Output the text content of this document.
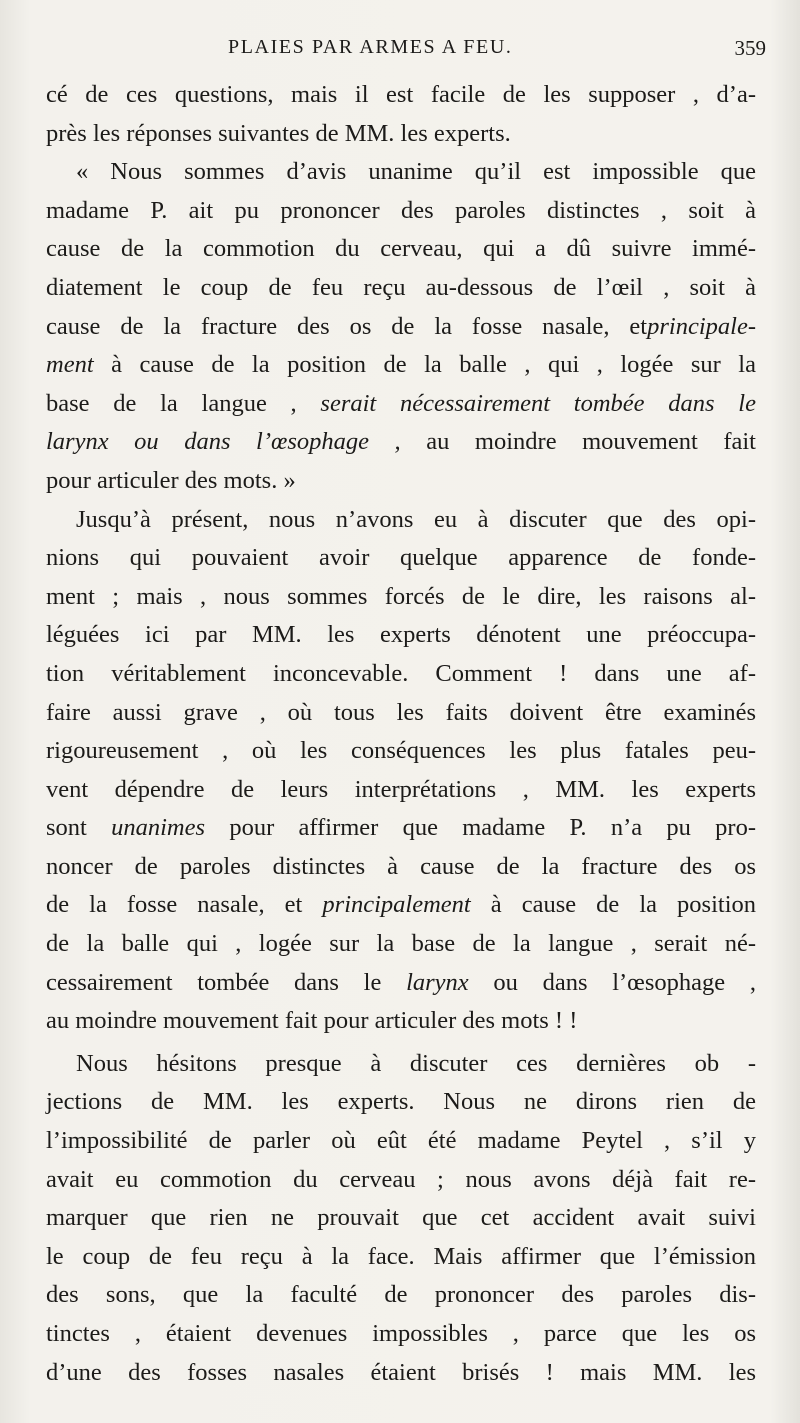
PLAIES PAR ARMES A FEU.	359
cé de ces questions, mais il est facile de les supposer , d’a-
près les réponses suivantes de MM. les experts.
« Nous sommes d’avis unanime qu’il est impossible que
madame P. ait pu prononcer des paroles distinctes , soit à
cause de la commotion du cerveau, qui a dû suivre immé-
diatement le coup de feu reçu au-dessous de l’œil , soit à
cause de la fracture des os de la fosse nasale, etprincipale-
ment à cause de la position de la balle , qui , logée sur la
base de la langue , serait nécessairement tombée dans le
larynx ou dans l’œsophage , au moindre mouvement fait
pour articuler des mots. »
Jusqu’à présent, nous n’avons eu à discuter que des opi-
nions qui pouvaient avoir quelque apparence de fonde-
ment ; mais , nous sommes forcés de le dire, les raisons al-
léguées ici par MM. les experts dénotent une préoccupa-
tion véritablement inconcevable. Comment ! dans une af-
faire aussi grave , où tous les faits doivent être examinés
rigoureusement , où les conséquences les plus fatales peu-
vent dépendre de leurs interprétations , MM. les experts
sont unanimes pour affirmer que madame P. n’a pu pro-
noncer de paroles distinctes à cause de la fracture des os
de la fosse nasale, et principalement à cause de la position
de la balle qui , logée sur la base de la langue , serait né-
cessairement tombée dans le larynx ou dans l’œsophage ,
au moindre mouvement fait pour articuler des mots ! !
Nous hésitons presque à discuter ces dernières ob -
jections de MM. les experts. Nous ne dirons rien de
l’impossibilité de parler où eût été madame Peytel , s’il y
avait eu commotion du cerveau ; nous avons déjà fait re-
marquer que rien ne prouvait que cet accident avait suivi
le coup de feu reçu à la face. Mais affirmer que l’émission
des sons, que la faculté de prononcer des paroles dis-
tinctes , étaient devenues impossibles , parce que les os
d’une des fosses nasales étaient brisés ! mais MM. les
